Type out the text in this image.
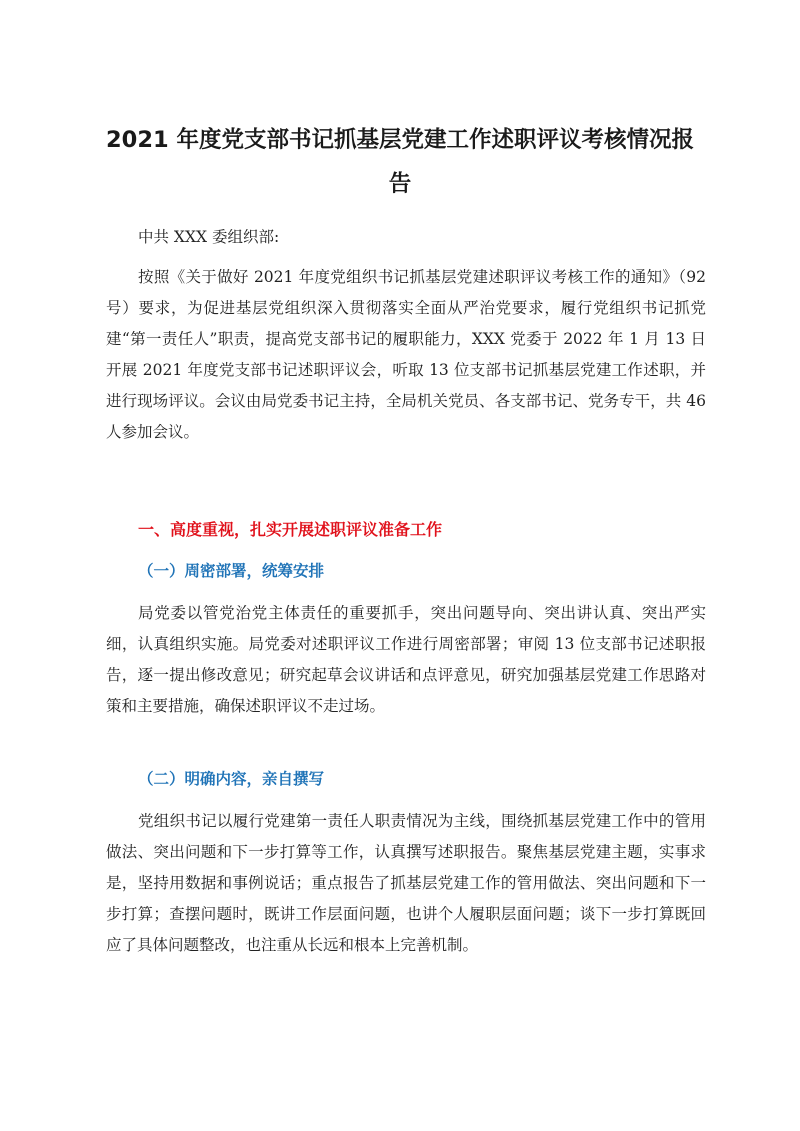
2021 年度党支部书记抓基层党建工作述职评议考核情况报告

中共 XXX 委组织部:

按照《关于做好 2021 年度党组织书记抓基层党建述职评议考核工作的通知》（92 号）要求，为促进基层党组织深入贯彻落实全面从严治党要求，履行党组织书记抓党建“第一责任人”职责，提高党支部书记的履职能力，XXX 党委于 2022 年 1 月 13 日开展 2021 年度党支部书记述职评议会，听取 13 位支部书记抓基层党建工作述职，并进行现场评议。会议由局党委书记主持，全局机关党员、各支部书记、党务专干，共 46 人参加会议。

一、高度重视，扎实开展述职评议准备工作
（一）周密部署，统筹安排

局党委以管党治党主体责任的重要抓手，突出问题导向、突出讲认真、突出严实细，认真组织实施。局党委对述职评议工作进行周密部署；审阅 13 位支部书记述职报告，逐一提出修改意见；研究起草会议讲话和点评意见，研究加强基层党建工作思路对策和主要措施，确保述职评议不走过场。

（二）明确内容，亲自撰写

党组织书记以履行党建第一责任人职责情况为主线，围绕抓基层党建工作中的管用做法、突出问题和下一步打算等工作，认真撰写述职报告。聚焦基层党建主题，实事求是，坚持用数据和事例说话；重点报告了抓基层党建工作的管用做法、突出问题和下一步打算；查摆问题时，既讲工作层面问题，也讲个人履职层面问题；谈下一步打算既回应了具体问题整改，也注重从长远和根本上完善机制。
